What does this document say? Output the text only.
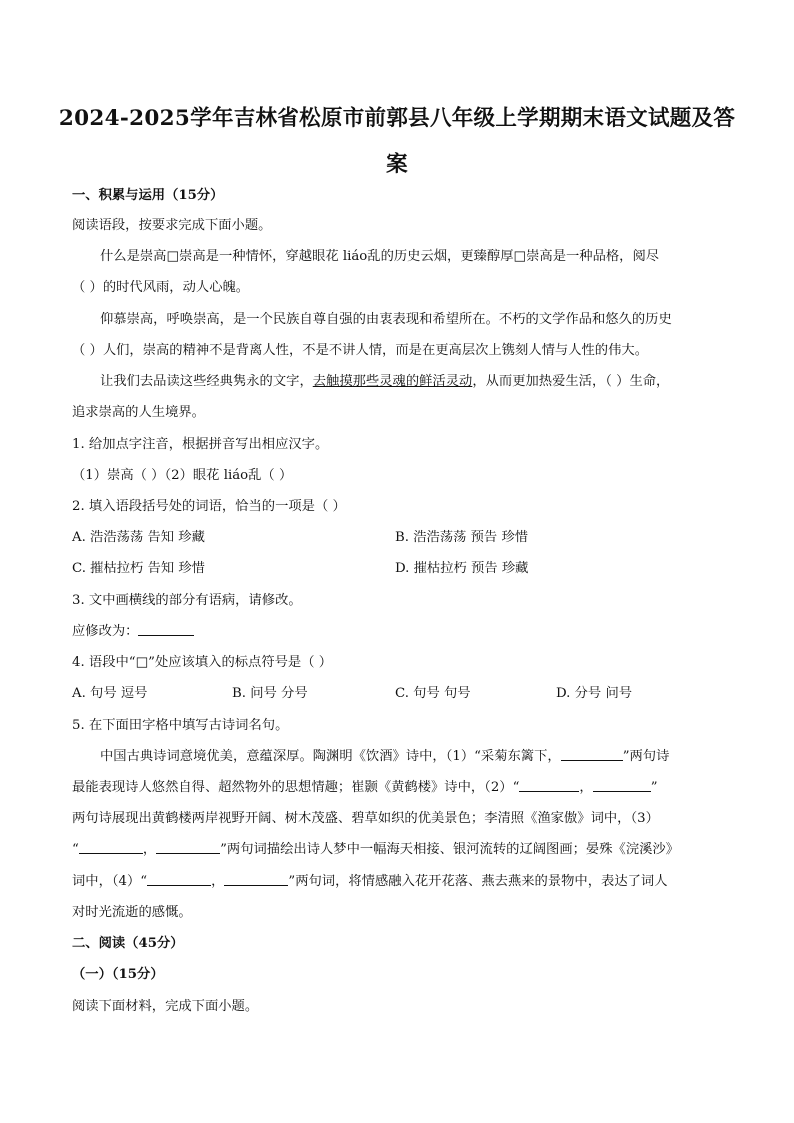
2024-2025学年吉林省松原市前郭县八年级上学期期末语文试题及答
案
一、积累与运用（15分）
阅读语段，按要求完成下面小题。
什么是崇高□崇高是一种情怀，穿越眼花 liáo乱的历史云烟，更臻醇厚□崇高是一种品格，阅尽
（ ）的时代风雨，动人心魄。
仰慕崇高，呼唤崇高，是一个民族自尊自强的由衷表现和希望所在。不朽的文学作品和悠久的历史
（ ）人们，崇高的精神不是背离人性，不是不讲人情，而是在更高层次上镌刻人情与人性的伟大。
让我们去品读这些经典隽永的文字，去触摸那些灵魂的鲜活灵动，从而更加热爱生活，（ ）生命，
追求崇高的人生境界。
1. 给加点字注音，根据拼音写出相应汉字。
（1）崇高（ ）（2）眼花 liáo乱（ ）
2. 填入语段括号处的词语，恰当的一项是（ ）
A. 浩浩荡荡 告知 珍藏	B. 浩浩荡荡 预告 珍惜
C. 摧枯拉朽 告知 珍惜	D. 摧枯拉朽 预告 珍藏
3. 文中画横线的部分有语病，请修改。
应修改为：
4. 语段中“□”处应该填入的标点符号是（ ）
A. 句号 逗号	B. 问号 分号	C. 句号 句号	D. 分号 问号
5. 在下面田字格中填写古诗词名句。
中国古典诗词意境优美，意蕴深厚。陶渊明《饮酒》诗中，（1）“采菊东篱下，	”两句诗
最能表现诗人悠然自得、超然物外的思想情趣；崔颢《黄鹤楼》诗中，（2）“	，	”
两句诗展现出黄鹤楼两岸视野开阔、树木茂盛、碧草如织的优美景色；李清照《渔家傲》词中，（3）
“	，	”两句词描绘出诗人梦中一幅海天相接、银河流转的辽阔图画；晏殊《浣溪沙》
词中，（4）“	，	”两句词，将情感融入花开花落、燕去燕来的景物中，表达了词人
对时光流逝的感慨。
二、阅读（45分）
（一）（15分）
阅读下面材料，完成下面小题。
